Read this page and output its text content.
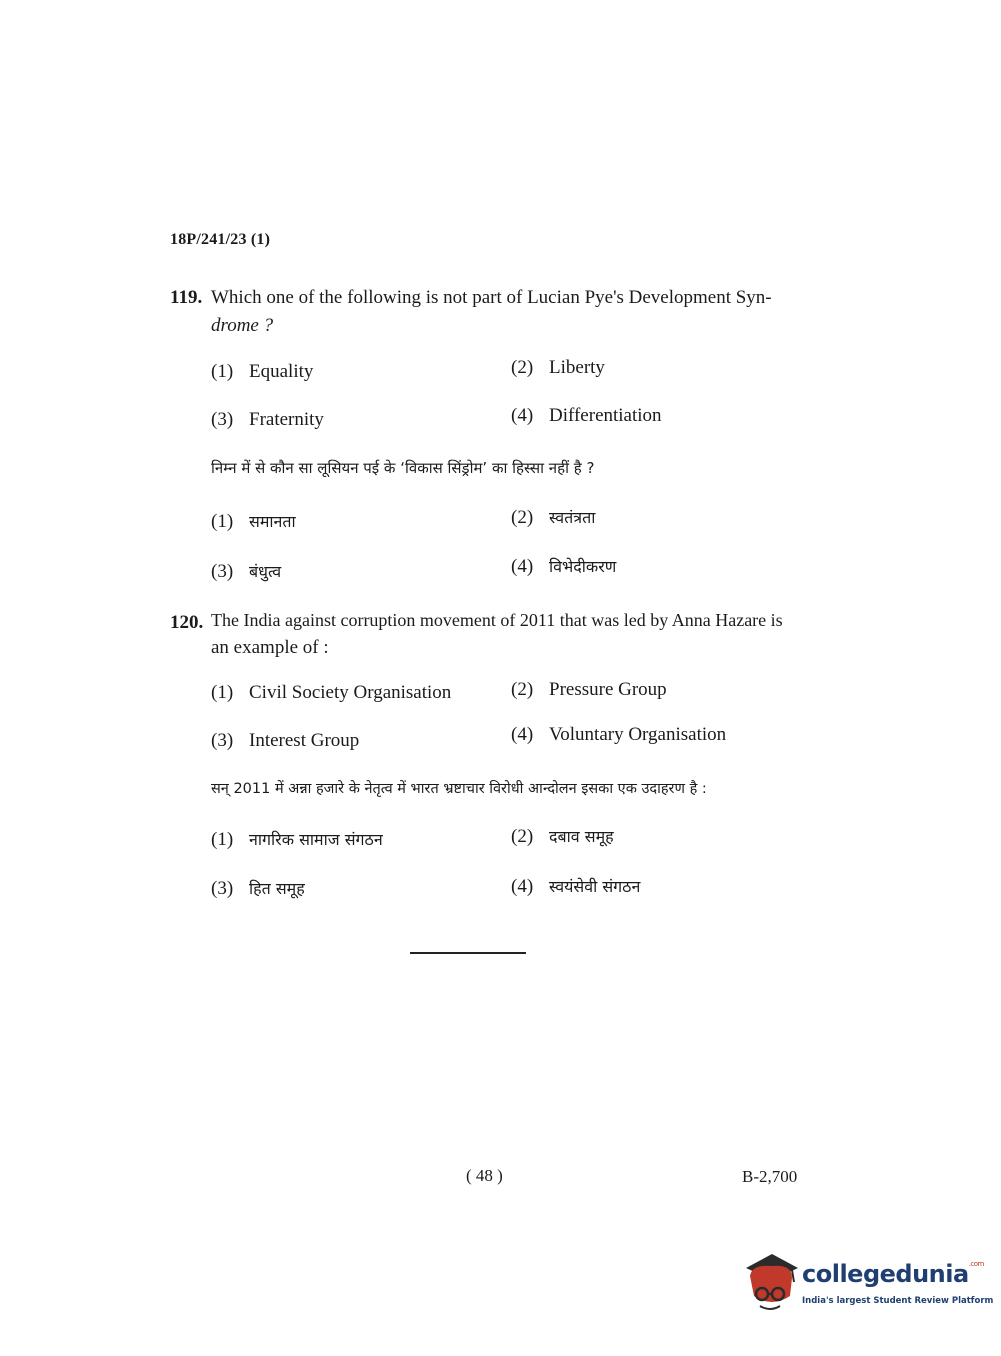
18P/241/23 (1)
119. Which one of the following is not part of Lucian Pye's Development Syn-
drome ?
(1) Equality	(2) Liberty
(3) Fraternity	(4) Differentiation
निम्न में से कौन सा लूसियन पई के ‘विकास सिंड्रोम’ का हिस्सा नहीं है ?
(1) समानता	(2) स्वतंत्रता
(3) बंधुत्व	(4) विभेदीकरण
120. The India against corruption movement of 2011 that was led by Anna Hazare is
an example of :
(1) Civil Society Organisation	(2) Pressure Group
(3) Interest Group	(4) Voluntary Organisation
सन् 2011 में अन्ना हजारे के नेतृत्व में भारत भ्रष्टाचार विरोधी आन्दोलन इसका एक उदाहरण है :
(1) नागरिक सामाज संगठन	(2) दबाव समूह
(3) हित समूह	(4) स्वयंसेवी संगठन
( 48 )	B-2,700
collegedunia$^{.com}$
India's largest Student Review Platform
